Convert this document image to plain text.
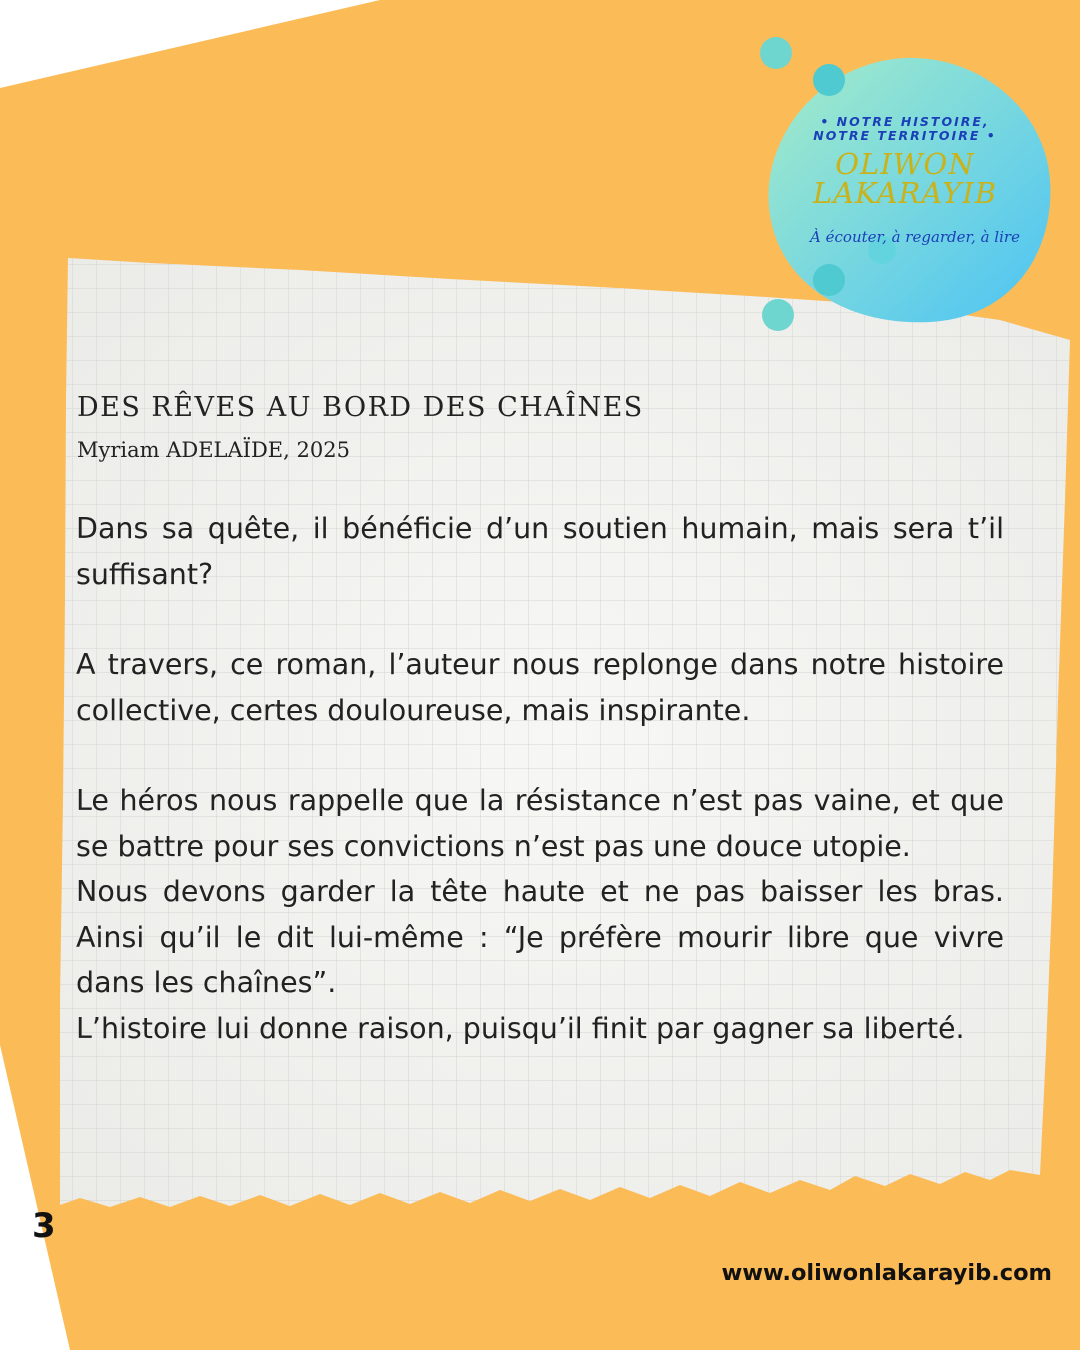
• NOTRE HISTOIRE,
NOTRE TERRITOIRE •
OLIWON
LAKARAYIB
À écouter, à regarder, à lire
DES RÊVES AU BORD DES CHAÎNES
Myriam ADELAÏDE, 2025

Dans sa quête, il bénéficie d’un soutien humain, mais sera t’il suffisant?

A travers, ce roman, l’auteur nous replonge dans notre histoire collective, certes douloureuse, mais inspirante.

Le héros nous rappelle que la résistance n’est pas vaine, et que se battre pour ses convictions n’est pas une douce utopie.

Nous devons garder la tête haute et ne pas baisser les bras. Ainsi qu’il le dit lui-même : “Je préfère mourir libre que vivre dans les chaînes”.

L’histoire lui donne raison, puisqu’il finit par gagner sa liberté.

3
www.oliwonlakarayib.com
